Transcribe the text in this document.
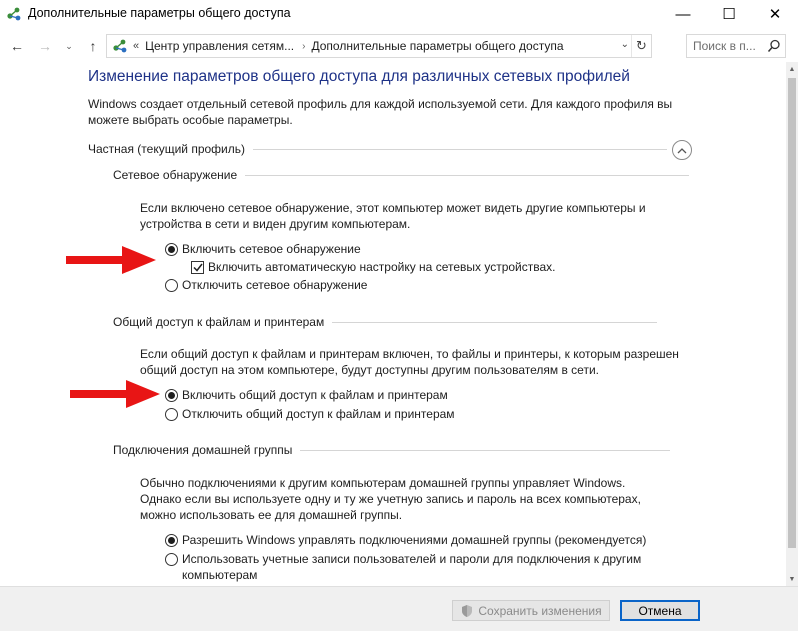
Дополнительные параметры общего доступа	— ☐ ✕
← → ⌄ ↑	« Центр управления сетям... › Дополнительные параметры общего доступа	⌄ ↻
Поиск в п...
Изменение параметров общего доступа для различных сетевых профилей
Windows создает отдельный сетевой профиль для каждой используемой сети. Для каждого профиля вы можете выбрать особые параметры.
Частная (текущий профиль)
Сетевое обнаружение
Если включено сетевое обнаружение, этот компьютер может видеть другие компьютеры и устройства в сети и виден другим компьютерам.
Включить сетевое обнаружение
Включить автоматическую настройку на сетевых устройствах.
Отключить сетевое обнаружение
Общий доступ к файлам и принтерам
Если общий доступ к файлам и принтерам включен, то файлы и принтеры, к которым разрешен общий доступ на этом компьютере, будут доступны другим пользователям в сети.
Включить общий доступ к файлам и принтерам
Отключить общий доступ к файлам и принтерам
Подключения домашней группы
Обычно подключениями к другим компьютерам домашней группы управляет Windows. Однако если вы используете одну и ту же учетную запись и пароль на всех компьютерах, можно использовать ее для домашней группы.
Разрешить Windows управлять подключениями домашней группы (рекомендуется)
Использовать учетные записи пользователей и пароли для подключения к другим компьютерам
▲
▼
Сохранить изменения	Отмена
